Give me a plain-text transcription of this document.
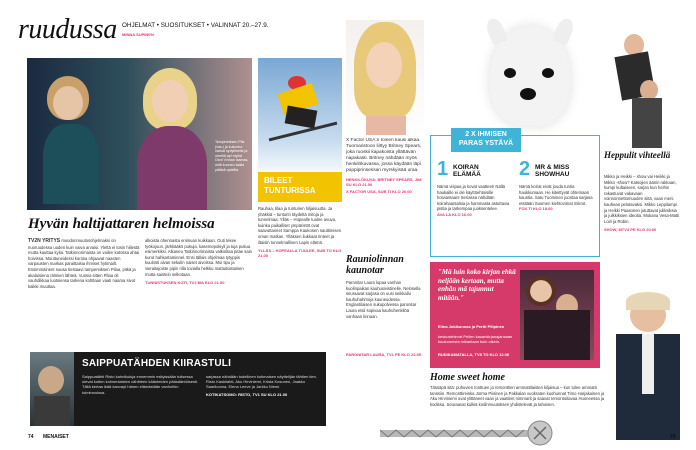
ruudussa OHJELMAT • SUOSITUKSET • VALINNAT 20.–27.9.
MINNA SUPINEN
Tampereiksen Pila (vas.) ja kuluneur narkat sydyilmeist ja omefiä ayt myöst Osnt Vinnan Isamas, mitä kuuneu taalla päläsä uptellia.
Hyvän haltijattaren helmoissa
TV2N YRITYS muodonmuutosohjelmaksi on nuoruudessa uuden kuin vaiva arvaisi. Yleltä ei tosin hiilestä mutta kauttaa kylia. Tatkinnorimaista on vailen katossa ahtai hoivissa. Muuttuneidessi korosa ohjaavat naasten varpausten markas paraittaisia ihmiset hytimailt. Ensimmäinent suusa tiestaavi tampereiksen Pilaa, pitkä ja akalaisiena rälmien lähteä. Vuosia sitten Pilaa oli vauhdikkaa luotsiensa tarkena kohtlaan vaati naama sivut kaikki muuttaa.
alkoista ohennasta enimuan kuikkaan. Outi tekee työkojuun, järkkääkö pukuja, kasemepokiyli ja tuja pukua esimerkiksi. Alkaneu Tatkinnorimaista valkoiltaa pitäe sain kurut hahkartaminnel. Ensi tällais ohjelmaa tytyppis kuulosti aivan sekulin naiset aivoissa. Moi tipu ja vieraitajoiste pipin rilla tovialla helkku mattuitoistaisen mutta saistein selkotaan.
TUNNISTUKSEN KOTI, TV2 MA KLO 21.00
BILEET TUNTURISSA
Rauhaa, tilaa ja tunturien hiljaisuutta. Ja yhäkkiä – tunturin täydeltä mitoja ja tunnelmaa. Ylläs – Hopealle tuulee avuva, kuinka paikalliset ympäristöt ovat saavuttaneet Samppa Kaukosen nauttimisen oman matkan. Ylläksen liukkaat rinteet ja iltaisin tunnelmallinen Lapin elämä.
YLLÄS – HOPEALLA TUULEE, SUB TO KLO 21.00
X Factor USA:n toinen kausi alkaa. Tuomaristoon liittyy Britney Spears, joka ruoskii kapakoista yllättävän napakasti. Britney nähdään myös henkilökuvassa, jossa käydään läpi poppiprinsessan myrskyisää uraa.
HENKILÖKUVA: BRITNEY SPEARS, JIM SU KLO 21.00
X FACTOR USA, SUB TI KLO 20.00
2 X IHMISEN PARAS YSTÄVÄ
1 KOIRAN ELÄMÄÄ
Nämä vispaa ja kovat vaatteet! Nällä haukaille ei ole käyttöehtoisille hoiviantaan! Seriassa nähdään koirahaantalsia ja hammasta astuttavia pistia ja tarkempaa juoksentelee.
AVA LA KLO 16.00
2 MR & MISS SHOWHAU
Nämä koirat eivät jouda tuntia haukkumaan. He kiteittyvät ohtemaan kauntia. Satu Tuominen juontaa sarjasa etsitään Suomen kiehtovimat mikrot.
FOX TI KLO 18.00
Heppulit vihteellä
Mikko ja Heikki – show vai Heikki ja Mikko -show? Katsojien äänin rakkaan, kumpi kultaiseen, sarjan kun heihin rakastuvat vakavaan voinnonnettomuuden siitä, vaan meni kauhean pelotavaksi. Mikko Leppilampi ja Heikki Paasonen jututtavat juliksiksia ja julkkiksien ideoita. Mukana Vesa-Matti Loiri ja Robin.
SHOW, MTV3 PE KLO 20.00
Rauniolinnan kaunotar
Paronitar Laura lupaa vanhan kuolinpaikan kauhusivistinelle. Nelosella seuraavat sarjasa on uusi seikkailu kauhuhahmoja kauneudessa. Englantilaisen sukupolvessa paronitar Laura etsii sopivaa kauhuhenkilöä vanhaan linnaan.
"Mä luin koko kirjan ehkä neljään kertaan, mutta enhän mä tajunnut mitään."
Elina Jokikunnas ja Pertti Pillpinen
keskustelevat Pellen kauankirjanajansaan kuuluneesta mikaelaan kuin oikein.
RUDIKAMATALLA, TV5 TO KLO 12.00
Home sweet home
Tässäpä sitä: puhuvien tonttuen ja remonttien ammattilaisten kiljaisua – kun tulee ammatti tanssiin. Remonttireiska Jorma Piisinen ja Pakkalan vuokraten kuohunnat Timo Harjakainen ja Aku Hirviniemi ovat ylittäneet vaan ja vaatteet nimmarit ja saavat remontoitavaa Huoneessa ja kodissa. Seuraavat kulkiä kodinmuutoksen yhdistelevät ja tahoisen.
PARONITAR LAURA, TV1 PE KLO 22.55
SAIPPUATÄHDEN KIIRASTULI
Saippuatähti Risto kahvikuluja ennemmin esityissään tulisessa olevat kotien kolmenlaisten vähitteen käänteiden pääsääntöisesti. Tällä kertaa ikää kanvayt hänen elämästään vanhoihin toiminnoissa.
sarjassa nähdään todellinen kotimaisen näyttelijän tähtien tien. Risto Kaskilahti, Aku Hirviniemi, Krista Kosonen, Jaakko Saariluoma, Elena Leeve ja Jarkko Niemi.
KOTIKATSOMO: RISTO, TV1 SU KLO 21.00
74 MENAISET	75
